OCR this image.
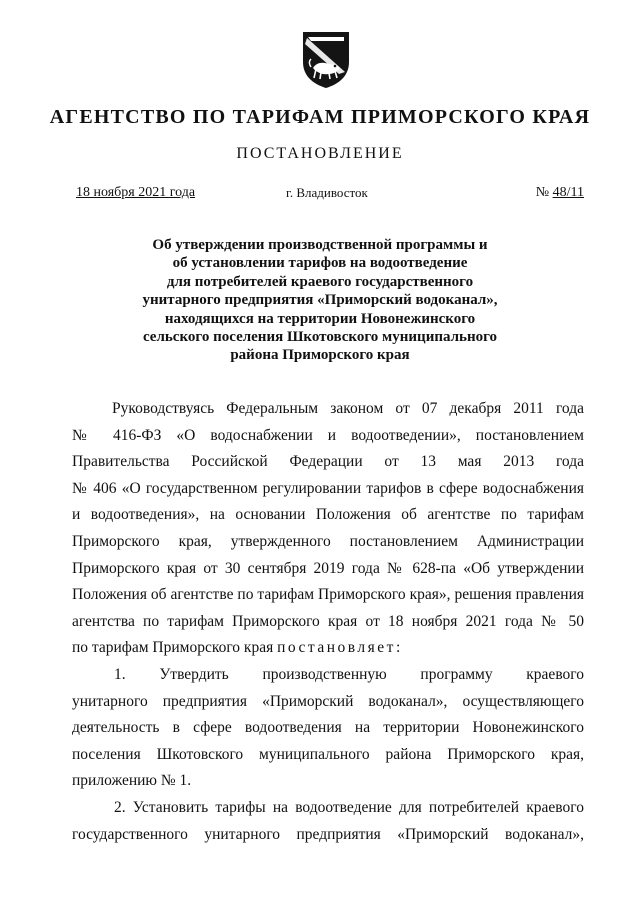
АГЕНТСТВО ПО ТАРИФАМ ПРИМОРСКОГО КРАЯ
ПОСТАНОВЛЕНИЕ
18 ноября 2021 года	г. Владивосток	№ 48/11
Об утверждении производственной программы и
об установлении тарифов на водоотведение
для потребителей краевого государственного
унитарного предприятия «Приморский водоканал»,
находящихся на территории Новонежинского
сельского поселения Шкотовского муниципального
района Приморского края
Руководствуясь Федеральным законом от 07 декабря 2011 года
№ 416-ФЗ «О водоснабжении и водоотведении», постановлением
Правительства Российской Федерации от 13 мая 2013 года
№ 406 «О государственном регулировании тарифов в сфере водоснабжения
и водоотведения», на основании Положения об агентстве по тарифам
Приморского края, утвержденного постановлением Администрации
Приморского края от 30 сентября 2019 года № 628-па «Об утверждении
Положения об агентстве по тарифам Приморского края», решения правления
агентства по тарифам Приморского края от 18 ноября 2021 года № 50
по тарифам Приморского края постановляет:
1. Утвердить производственную программу краевого
унитарного предприятия «Приморский водоканал», осуществляющего
деятельность в сфере водоотведения на территории Новонежинского
поселения Шкотовского муниципального района Приморского края,
приложению № 1.
2. Установить тарифы на водоотведение для потребителей краевого
государственного унитарного предприятия «Приморский водоканал»,
